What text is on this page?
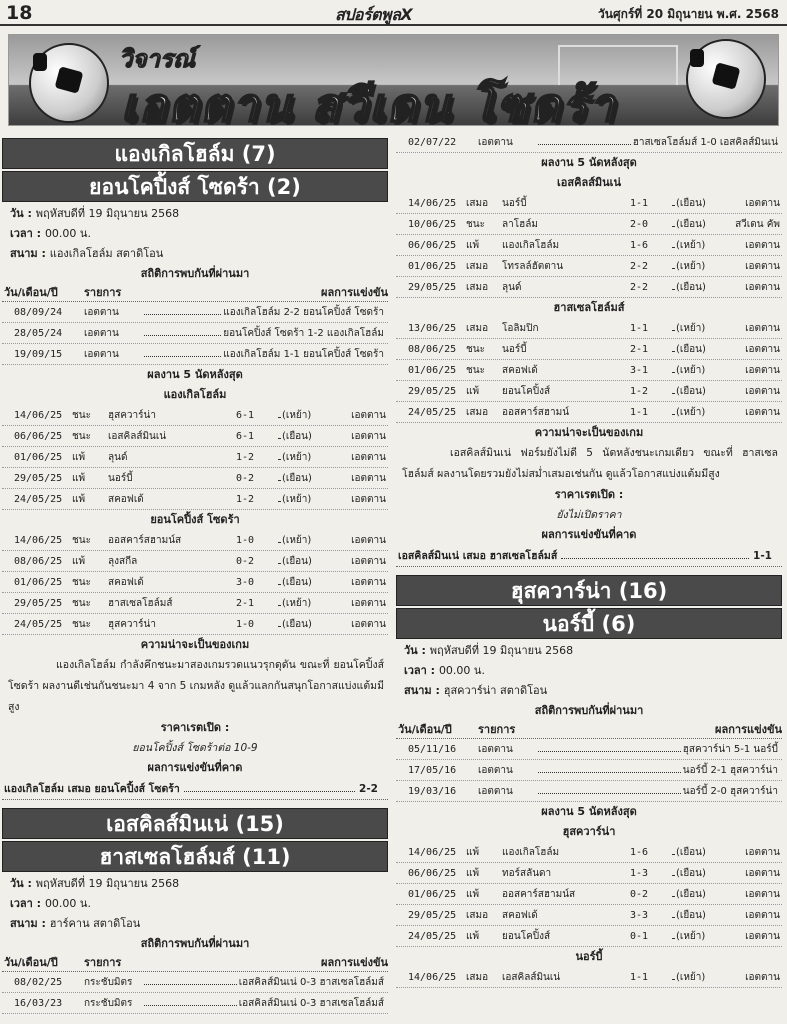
18	สปอร์ตพูลX	วันศุกร์ที่ 20 มิถุนายน พ.ศ. 2568
วิจารณ์
เอตตาน สวีเดน โซดร้า
แองเกิลโฮล์ม (7)
ยอนโคปิ้งส์ โซดร้า (2)
วัน : พฤหัสบดีที่ 19 มิถุนายน 2568
เวลา : 00.00 น.
สนาม : แองเกิลโฮล์ม สตาดิโอน
สถิติการพบกันที่ผ่านมา
วัน/เดือน/ปี	รายการ	ผลการแข่งขัน
08/09/24	เอตตาน	แองเกิลโฮล์ม 2-2 ยอนโคปิ้งส์ โซดร้า
28/05/24	เอตตาน	ยอนโคปิ้งส์ โซดร้า 1-2 แองเกิลโฮล์ม
19/09/15	เอตตาน	แองเกิลโฮล์ม 1-1 ยอนโคปิ้งส์ โซดร้า
ผลงาน 5 นัดหลังสุด
แองเกิลโฮล์ม
14/06/25 ชนะ	ฮุสควาร์น่า	6-1	(เหย้า)	เอตตาน
06/06/25 ชนะ	เอสคิลส์มินเน่	6-1	(เยือน)	เอตตาน
01/06/25 แพ้	ลุนด์	1-2	(เหย้า)	เอตตาน
29/05/25 แพ้	นอร์บี้	0-2	(เยือน)	เอตตาน
24/05/25 แพ้	สคอฟเด้	1-2	(เหย้า)	เอตตาน
ยอนโคปิ้งส์ โซดร้า
14/06/25 ชนะ	ออสคาร์สฮามน์ส	1-0	(เหย้า)	เอตตาน
08/06/25 แพ้	ลุงสกีล	0-2	(เยือน)	เอตตาน
01/06/25 ชนะ	สคอฟเด้	3-0	(เยือน)	เอตตาน
29/05/25 ชนะ	ฮาสเซลโฮล์มส์	2-1	(เหย้า)	เอตตาน
24/05/25 ชนะ	ฮุสควาร์น่า	1-0	(เยือน)	เอตตาน
ความน่าจะเป็นของเกม
แองเกิลโฮล์ม กำลังคึกชนะมาสองเกมรวดแนวรุกดุดัน ขณะที่ ยอนโคปิ้งส์ โซดร้า ผลงานดีเช่นกันชนะมา 4 จาก 5 เกมหลัง ดูแล้วแลกกันสนุกโอกาสแบ่งแต้มมีสูง
ราคาเรตเปิด :
ยอนโคปิ้งส์ โซดร้าต่อ 10-9
ผลการแข่งขันที่คาด
แองเกิลโฮล์ม เสมอ ยอนโคปิ้งส์ โซดร้า	2-2
เอสคิลส์มินเน่ (15)
ฮาสเซลโฮล์มส์ (11)
วัน : พฤหัสบดีที่ 19 มิถุนายน 2568
เวลา : 00.00 น.
สนาม : ฮาร์คาน สตาดิโอน
สถิติการพบกันที่ผ่านมา
วัน/เดือน/ปี	รายการ	ผลการแข่งขัน
08/02/25	กระชับมิตร	เอสคิลส์มินเน่ 0-3 ฮาสเซลโฮล์มส์
16/03/23	กระชับมิตร	เอสคิลส์มินเน่ 0-3 ฮาสเซลโฮล์มส์
02/07/22	เอตตาน	ฮาสเซลโฮล์มส์ 1-0 เอสคิลส์มินเน่
ผลงาน 5 นัดหลังสุด
เอสคิลส์มินเน่
14/06/25 เสมอ	นอร์บี้	1-1	(เยือน)	เอตตาน
10/06/25 ชนะ	ลาโฮล์ม	2-0	(เยือน)	สวีเดน คัพ
06/06/25 แพ้	แองเกิลโฮล์ม	1-6	(เหย้า)	เอตตาน
01/06/25 เสมอ	โทรลล์ฮัตตาน	2-2	(เหย้า)	เอตตาน
29/05/25 เสมอ	ลุนด์	2-2	(เยือน)	เอตตาน
ฮาสเซลโฮล์มส์
13/06/25 เสมอ	โอลิมปิก	1-1	(เหย้า)	เอตตาน
08/06/25 ชนะ	นอร์บี้	2-1	(เยือน)	เอตตาน
01/06/25 ชนะ	สคอฟเด้	3-1	(เหย้า)	เอตตาน
29/05/25 แพ้	ยอนโคปิ้งส์	1-2	(เยือน)	เอตตาน
24/05/25 เสมอ	ออสคาร์สฮามน์	1-1	(เหย้า)	เอตตาน
ความน่าจะเป็นของเกม
เอสคิลส์มินเน่ ฟอร์มยังไม่ดี 5 นัดหลังชนะเกมเดียว ขณะที่ ฮาสเซลโฮล์มส์ ผลงานโดยรวมยังไม่สม่ำเสมอเช่นกัน ดูแล้วโอกาสแบ่งแต้มมีสูง
ราคาเรตเปิด :
ยังไม่เปิดราคา
ผลการแข่งขันที่คาด
เอสคิลส์มินเน่ เสมอ ฮาสเซลโฮล์มส์	1-1
ฮุสควาร์น่า (16)
นอร์บี้ (6)
วัน : พฤหัสบดีที่ 19 มิถุนายน 2568
เวลา : 00.00 น.
สนาม : ฮุสควาร์น่า สตาดิโอน
สถิติการพบกันที่ผ่านมา
วัน/เดือน/ปี	รายการ	ผลการแข่งขัน
05/11/16	เอตตาน	ฮุสควาร์น่า 5-1 นอร์บี้
17/05/16	เอตตาน	นอร์บี้ 2-1 ฮุสควาร์น่า
19/03/16	เอตตาน	นอร์บี้ 2-0 ฮุสควาร์น่า
ผลงาน 5 นัดหลังสุด
ฮุสควาร์น่า
14/06/25 แพ้	แองเกิลโฮล์ม	1-6	(เยือน)	เอตตาน
06/06/25 แพ้	ทอร์สลันดา	1-3	(เยือน)	เอตตาน
01/06/25 แพ้	ออสคาร์สฮามน์ส	0-2	(เยือน)	เอตตาน
29/05/25 เสมอ	สคอฟเด้	3-3	(เยือน)	เอตตาน
24/05/25 แพ้	ยอนโคปิ้งส์	0-1	(เหย้า)	เอตตาน
นอร์บี้
14/06/25 เสมอ	เอสคิลส์มินเน่	1-1	(เหย้า)	เอตตาน
